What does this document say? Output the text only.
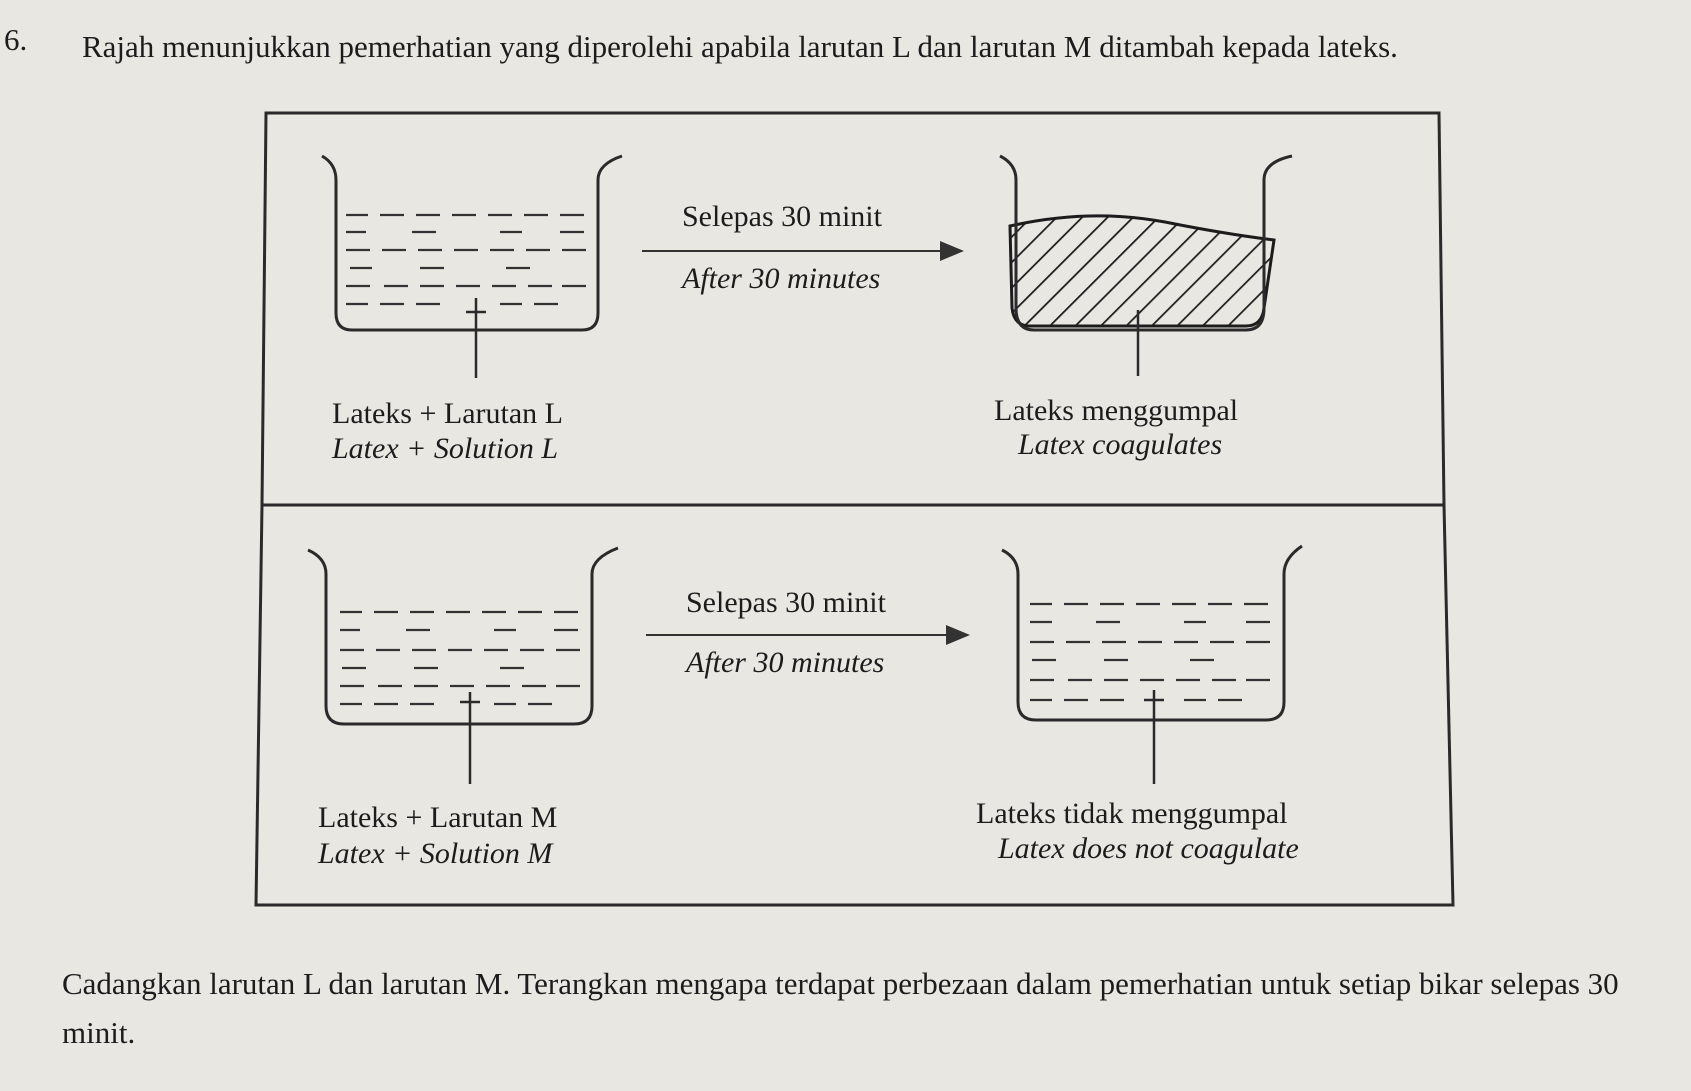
6. Rajah menunjukkan pemerhatian yang diperolehi apabila larutan L dan larutan M ditambah kepada lateks.
Lateks + Larutan L
Latex + Solution L
Selepas 30 minit
After 30 minutes
Lateks menggumpal
Latex coagulates
Lateks + Larutan M
Latex + Solution M
Selepas 30 minit
After 30 minutes
Lateks tidak menggumpal
Latex does not coagulate
Cadangkan larutan L dan larutan M. Terangkan mengapa terdapat perbezaan dalam pemerhatian untuk setiap bikar selepas 30 minit.
